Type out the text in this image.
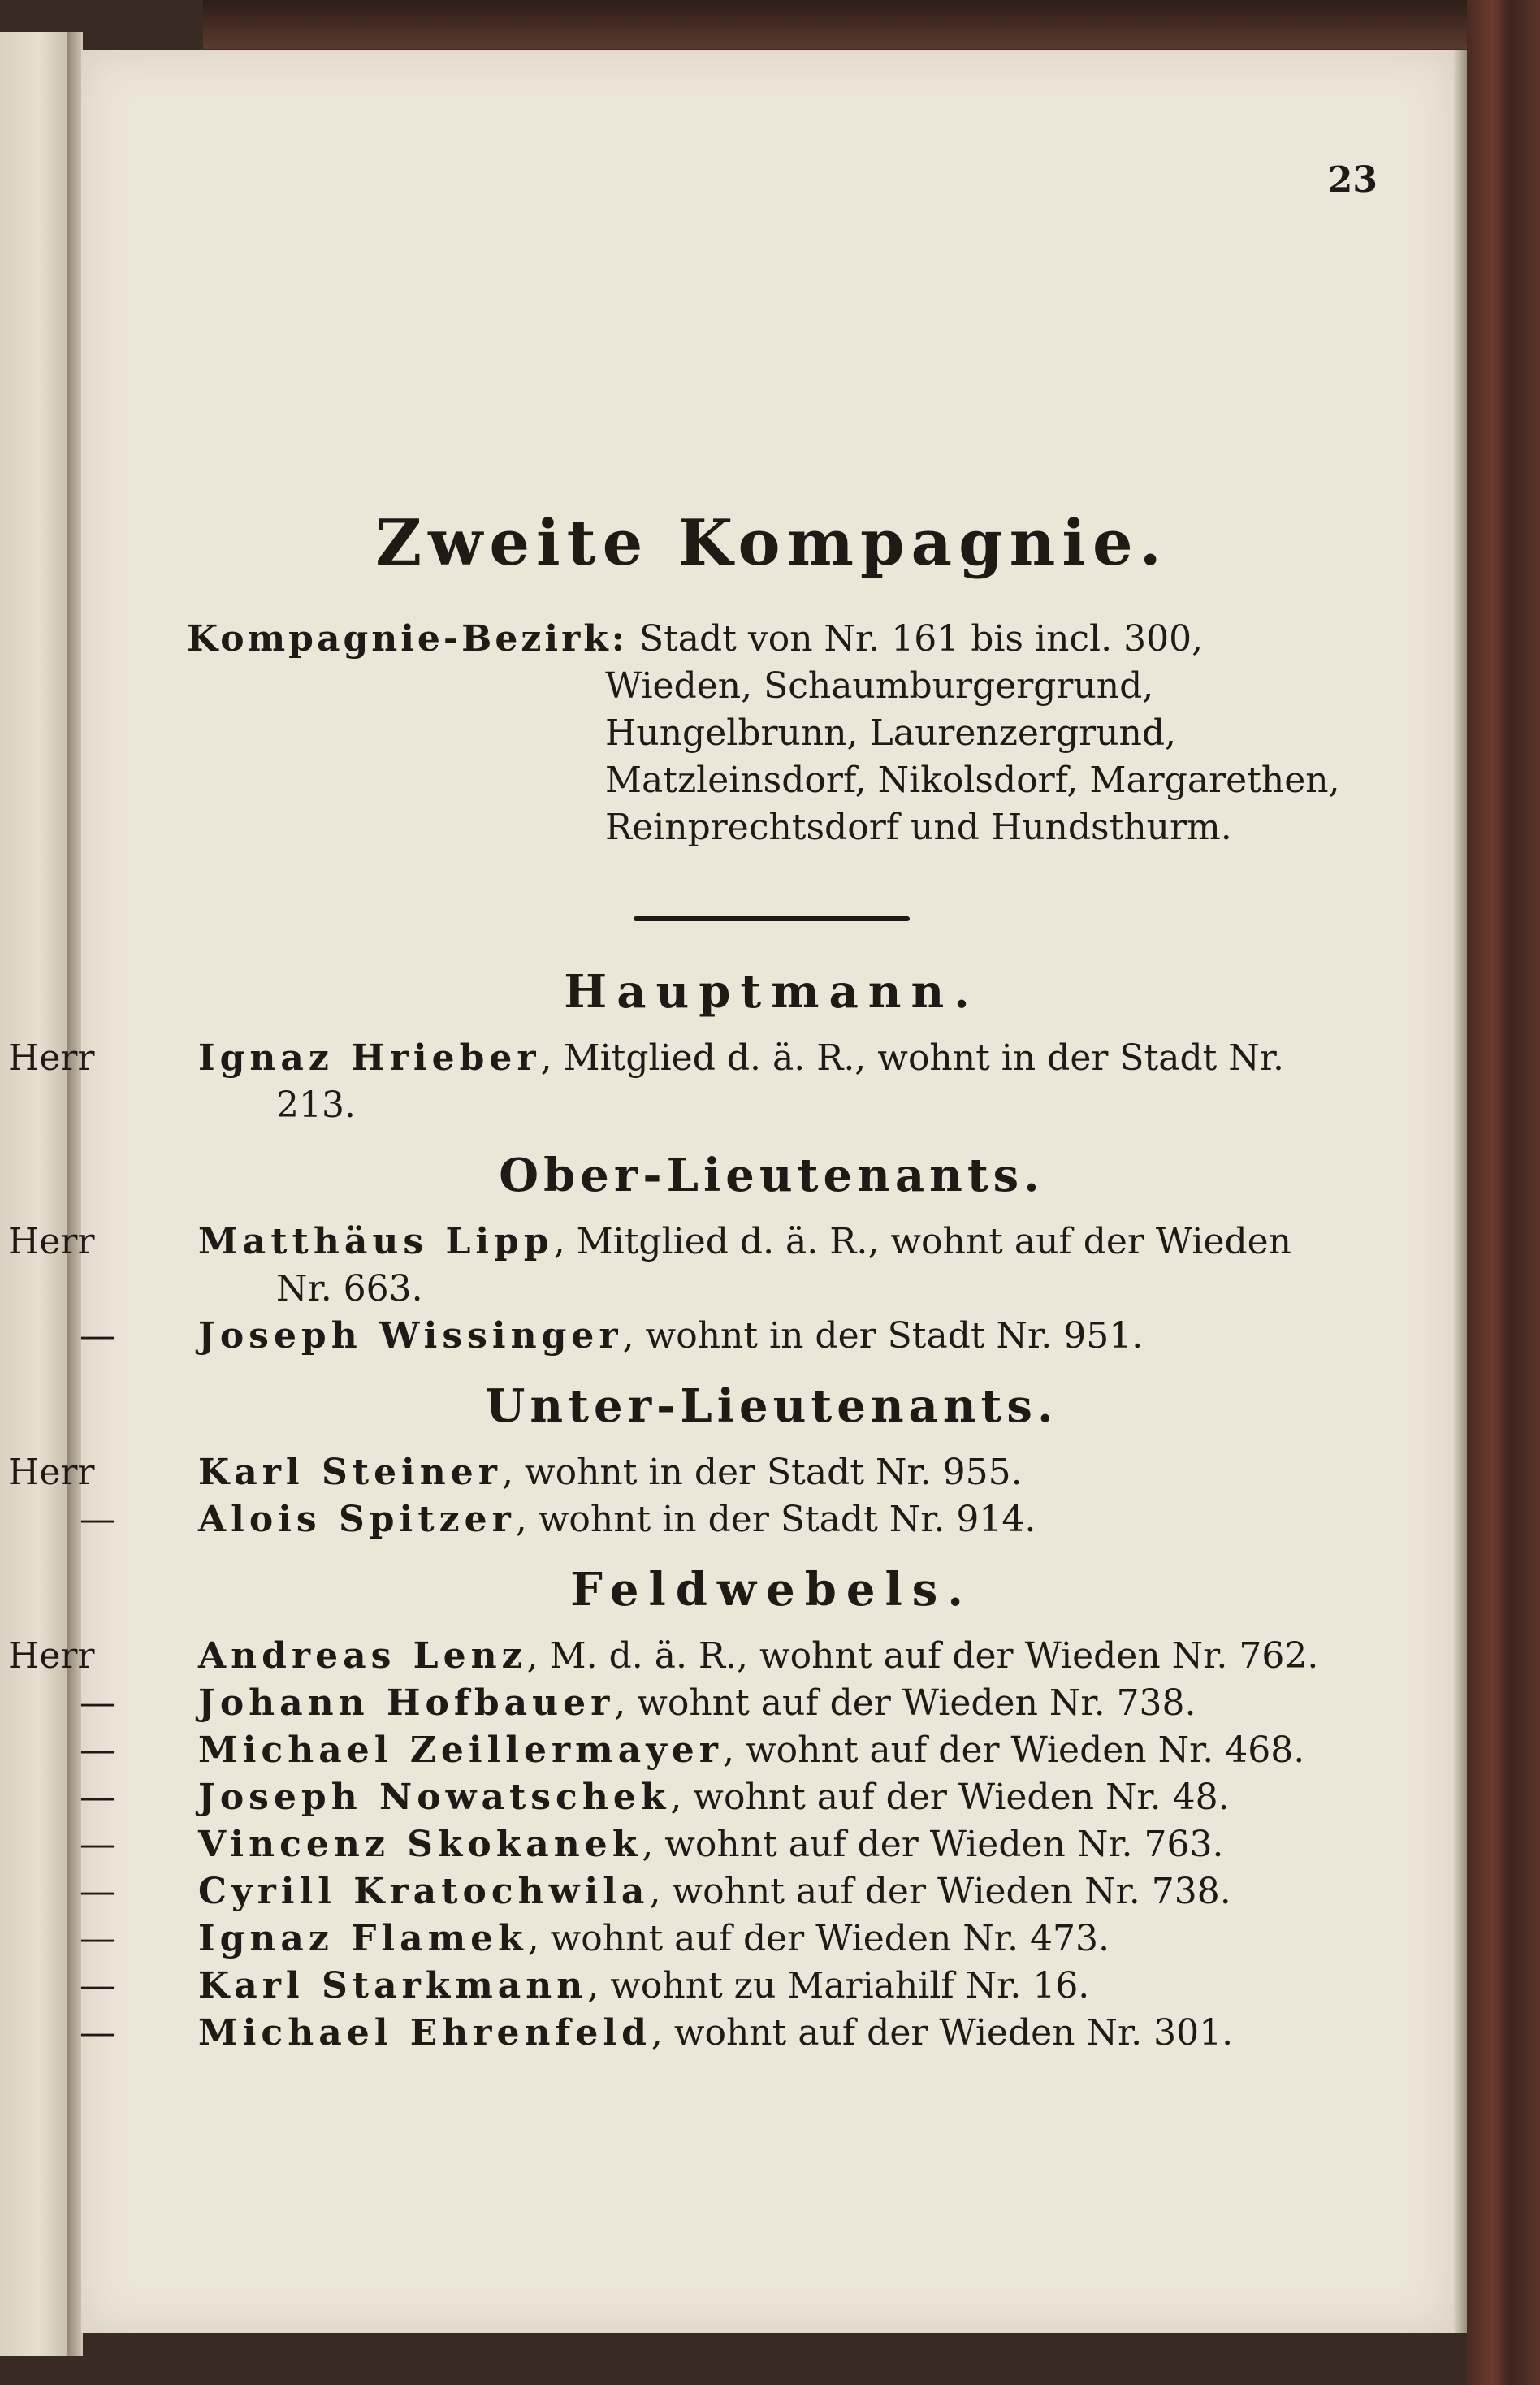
23
Zweite Kompagnie.
Kompagnie-Bezirk: Stadt von Nr. 161 bis incl. 300, Wieden, Schaumburgergrund, Hungelbrunn, Laurenzergrund, Matzleinsdorf, Nikolsdorf, Margarethen, Reinprechtsdorf und Hundsthurm.
Hauptmann.

Herr	Ignaz Hrieber, Mitglied d. ä. R., wohnt in der Stadt Nr. 213.

Ober-Lieutenants.

Herr	Matthäus Lipp, Mitglied d. ä. R., wohnt auf der Wieden Nr. 663.

— Joseph Wissinger, wohnt in der Stadt Nr. 951.

Unter-Lieutenants.

Herr	Karl Steiner, wohnt in der Stadt Nr. 955.

— Alois Spitzer, wohnt in der Stadt Nr. 914.

Feldwebels.

Herr	Andreas Lenz, M. d. ä. R., wohnt auf der Wieden Nr. 762.

— Johann Hofbauer, wohnt auf der Wieden Nr. 738.

— Michael Zeillermayer, wohnt auf der Wieden Nr. 468.

— Joseph Nowatschek, wohnt auf der Wieden Nr. 48.

— Vincenz Skokanek, wohnt auf der Wieden Nr. 763.

— Cyrill Kratochwila, wohnt auf der Wieden Nr. 738.

— Ignaz Flamek, wohnt auf der Wieden Nr. 473.

— Karl Starkmann, wohnt zu Mariahilf Nr. 16.

— Michael Ehrenfeld, wohnt auf der Wieden Nr. 301.
